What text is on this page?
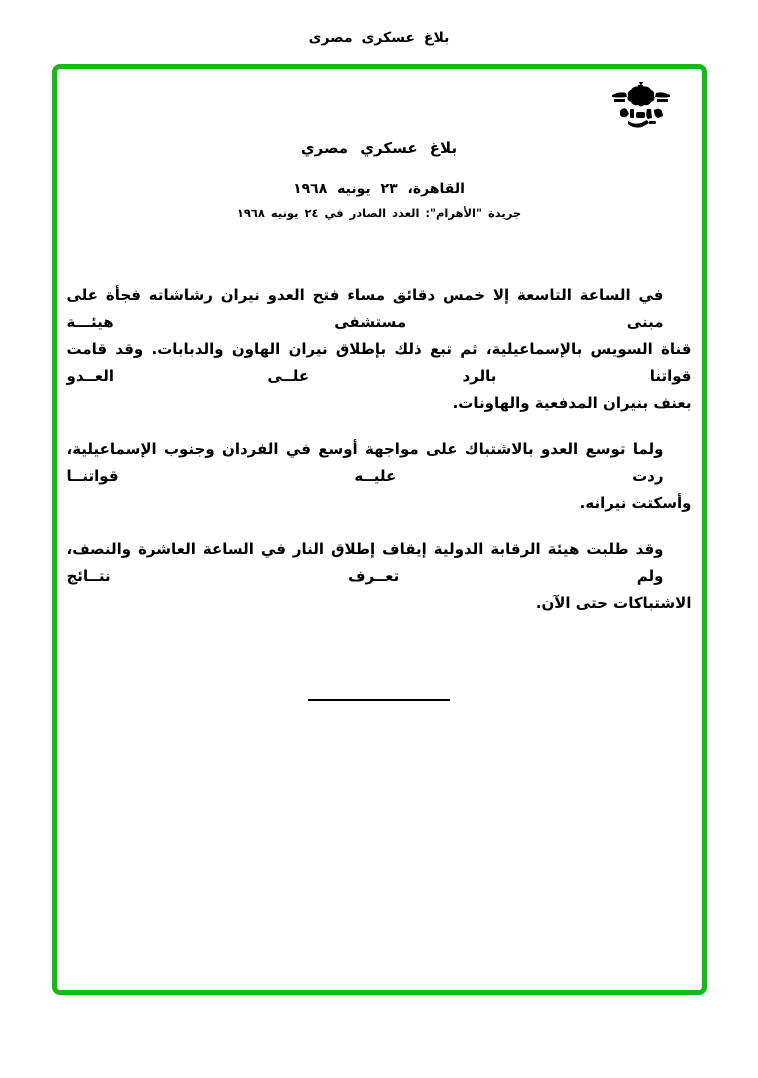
بلاغ عسكرى مصرى
بلاغ عسكري مصري
القاهرة، ٢٣ يونيه ١٩٦٨
جريدة "الأهرام": العدد الصادر في ٢٤ يونيه ١٩٦٨
في الساعة التاسعة إلا خمس دقائق مساء فتح العدو نيران رشاشاته فجأة على مبنى مستشفى هيئـــة
قناة السويس بالإسماعيلية، ثم تبع ذلك بإطلاق نيران الهاون والدبابات. وقد قامت قواتنا بالرد علــى العــدو
بعنف بنيران المدفعية والهاونات.
ولما توسع العدو بالاشتباك على مواجهة أوسع في الفردان وجنوب الإسماعيلية، ردت عليــه قواتنــا
وأسكتت نيرانه.
وقد طلبت هيئة الرقابة الدولية إيقاف إطلاق النار في الساعة العاشرة والنصف، ولم تعــرف نتــائج
الاشتباكات حتى الآن.
